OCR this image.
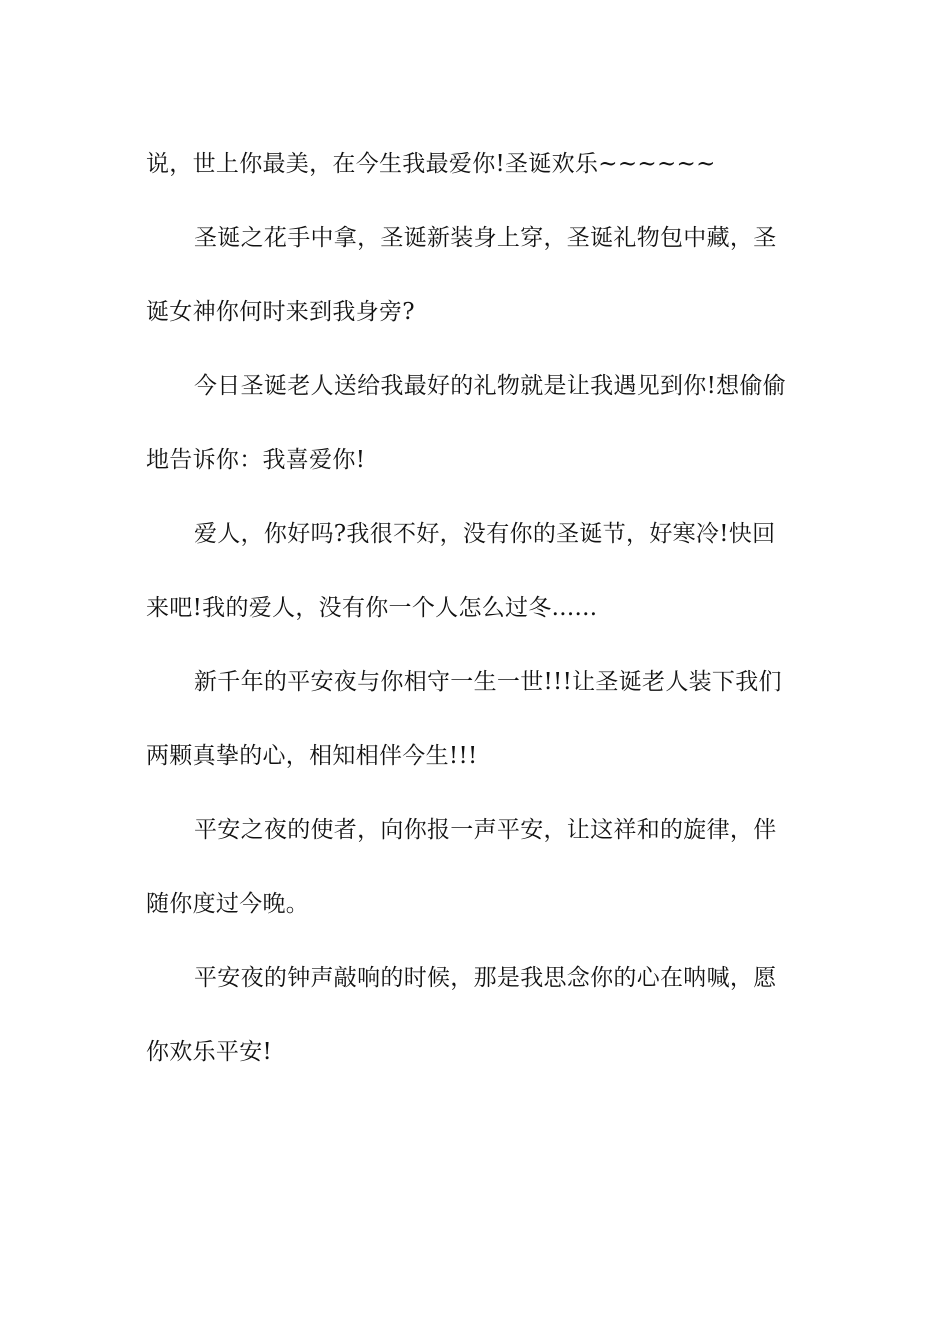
说，世上你最美，在今生我最爱你!圣诞欢乐~~~~~~

圣诞之花手中拿，圣诞新装身上穿，圣诞礼物包中藏，圣
诞女神你何时来到我身旁?

今日圣诞老人送给我最好的礼物就是让我遇见到你!想偷偷
地告诉你：我喜爱你!

爱人，你好吗?我很不好，没有你的圣诞节，好寒冷!快回
来吧!我的爱人，没有你一个人怎么过冬......

新千年的平安夜与你相守一生一世!!!让圣诞老人装下我们
两颗真挚的心，相知相伴今生!!!

平安之夜的使者，向你报一声平安，让这祥和的旋律，伴
随你度过今晚。

平安夜的钟声敲响的时候，那是我思念你的心在呐喊，愿
你欢乐平安!
